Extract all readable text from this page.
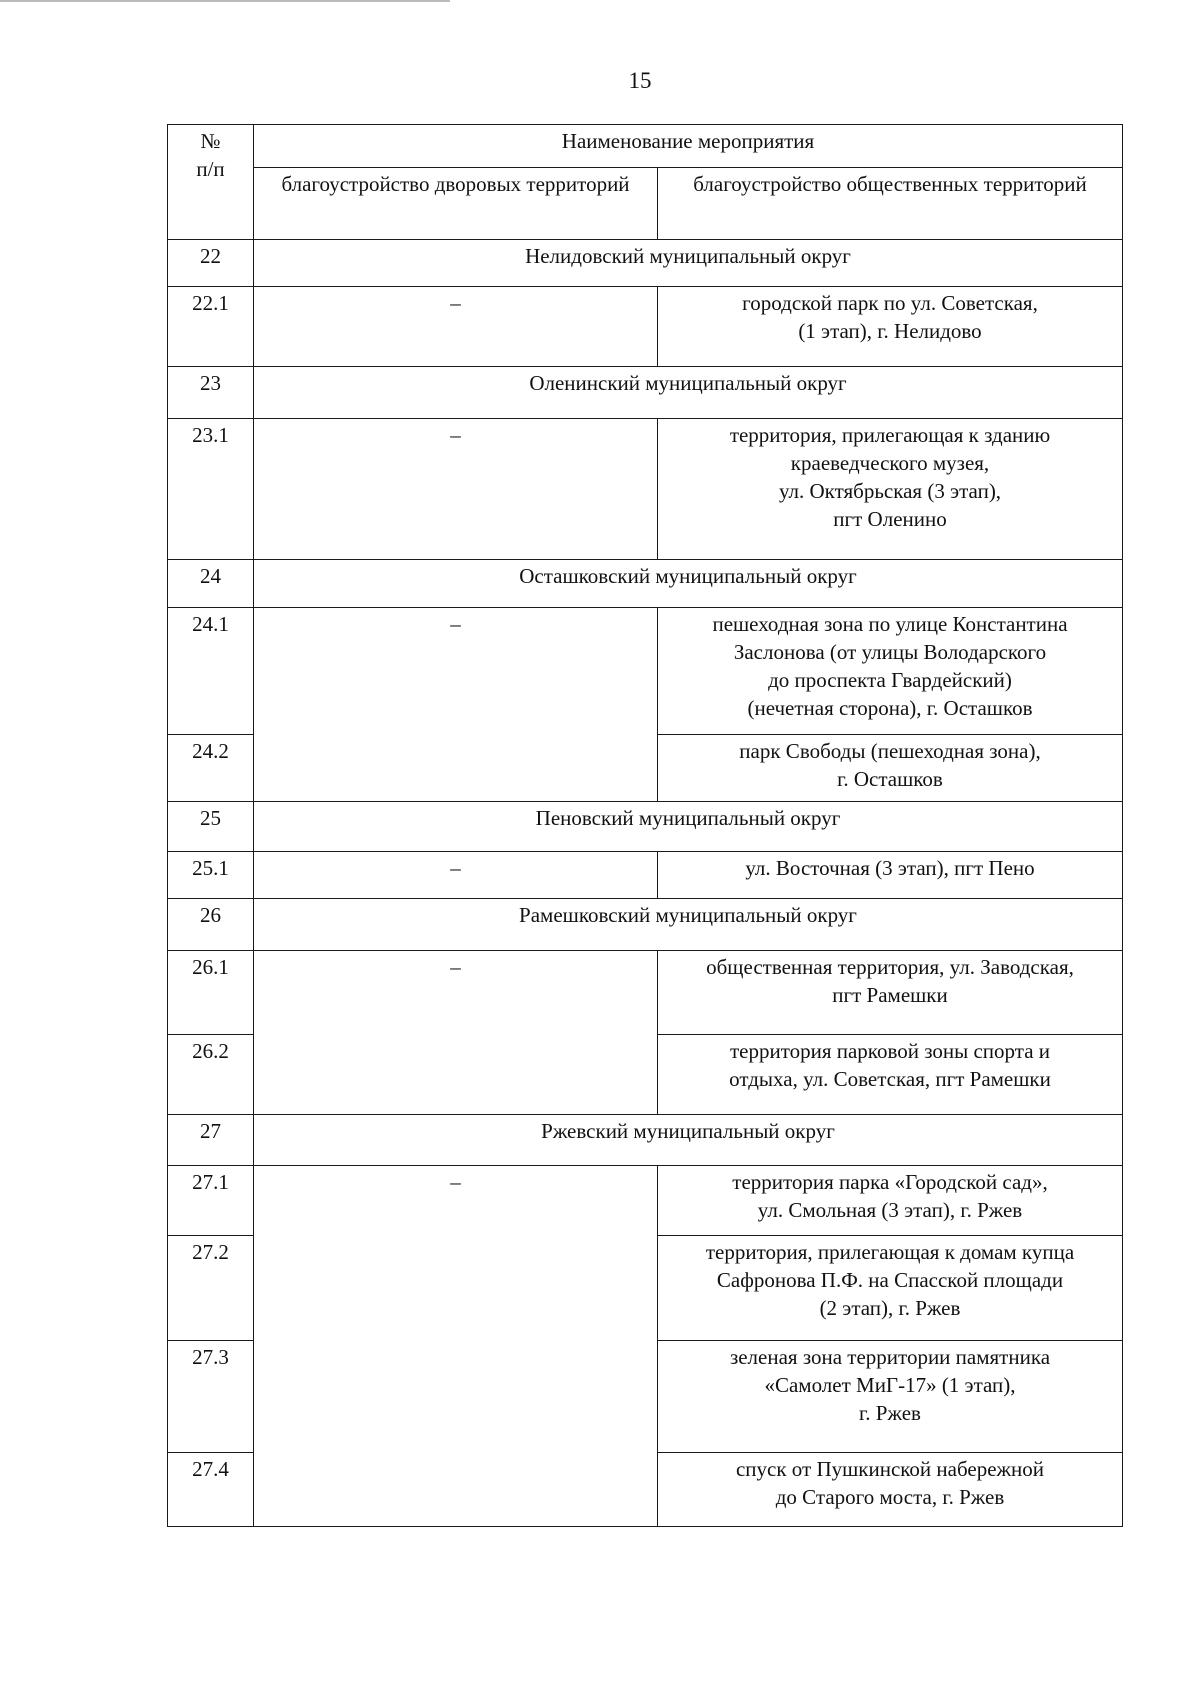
15
№
п/п	Наименование мероприятия	

	благоустройство дворовых территорий	благоустройство общественных территорий

22	Нелидовский муниципальный округ	
22.1	–	городской парк по ул. Советская,
(1 этап), г. Нелидово

23	Оленинский муниципальный округ	
23.1	–	территория, прилегающая к зданию
краеведческого музея,
ул. Октябрьская (3 этап),
пгт Оленино

24	Осташковский муниципальный округ	
24.1	–	пешеходная зона по улице Константина
Заслонова (от улицы Володарского
до проспекта Гвардейский)
(нечетная сторона), г. Осташков

24.2		парк Свободы (пешеходная зона),
г. Осташков

25	Пеновский муниципальный округ	
25.1	–	ул. Восточная (3 этап), пгт Пено

26	Рамешковский муниципальный округ	
26.1	–	общественная территория, ул. Заводская,
пгт Рамешки

26.2		территория парковой зоны спорта и
отдыха, ул. Советская, пгт Рамешки

27	Ржевский муниципальный округ	
27.1	–	территория парка «Городской сад»,
ул. Смольная (3 этап), г. Ржев

27.2		территория, прилегающая к домам купца
Сафронова П.Ф. на Спасской площади
(2 этап), г. Ржев

27.3		зеленая зона территории памятника
«Самолет МиГ-17» (1 этап),
г. Ржев

27.4		спуск от Пушкинской набережной
до Старого моста, г. Ржев
